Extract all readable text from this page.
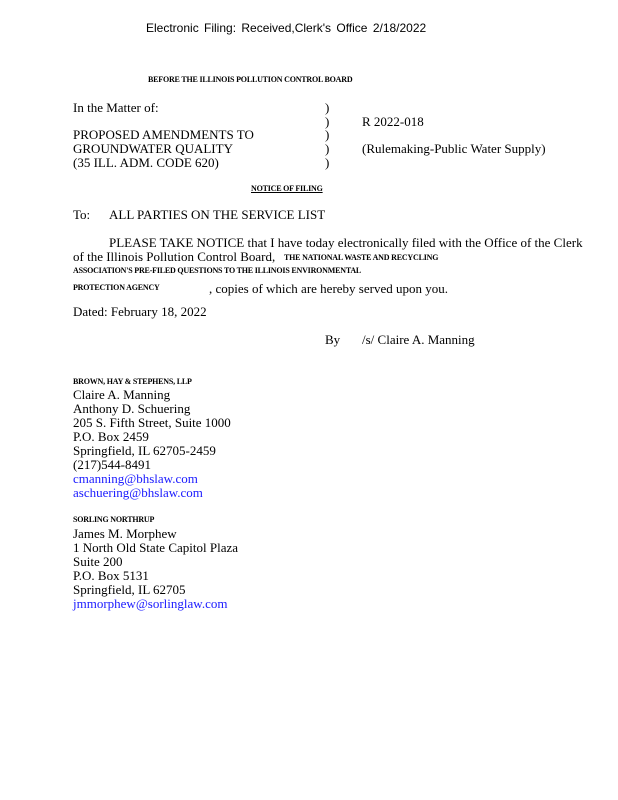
Electronic Filing: Received,Clerk's Office 2/18/2022
BEFORE THE ILLINOIS POLLUTION CONTROL BOARD
In the Matter of:
PROPOSED AMENDMENTS TO
GROUNDWATER QUALITY
(35 ILL. ADM. CODE 620)
)
)
)
)
)
R 2022-018
(Rulemaking-Public Water Supply)
NOTICE OF FILING
To: ALL PARTIES ON THE SERVICE LIST
PLEASE TAKE NOTICE that I have today electronically filed with the Office of the Clerk
of the Illinois Pollution Control Board, THE NATIONAL WASTE AND RECYCLING
ASSOCIATION'S PRE-FILED QUESTIONS TO THE ILLINOIS ENVIRONMENTAL
PROTECTION AGENCY	, copies of which are hereby served upon you.
Dated: February 18, 2022
By /s/ Claire A. Manning
BROWN, HAY & STEPHENS, LLP
Claire A. Manning
Anthony D. Schuering
205 S. Fifth Street, Suite 1000
P.O. Box 2459
Springfield, IL 62705-2459
(217)544-8491
cmanning@bhslaw.com
aschuering@bhslaw.com
SORLING NORTHRUP
James M. Morphew
1 North Old State Capitol Plaza
Suite 200
P.O. Box 5131
Springfield, IL 62705
jmmorphew@sorlinglaw.com
